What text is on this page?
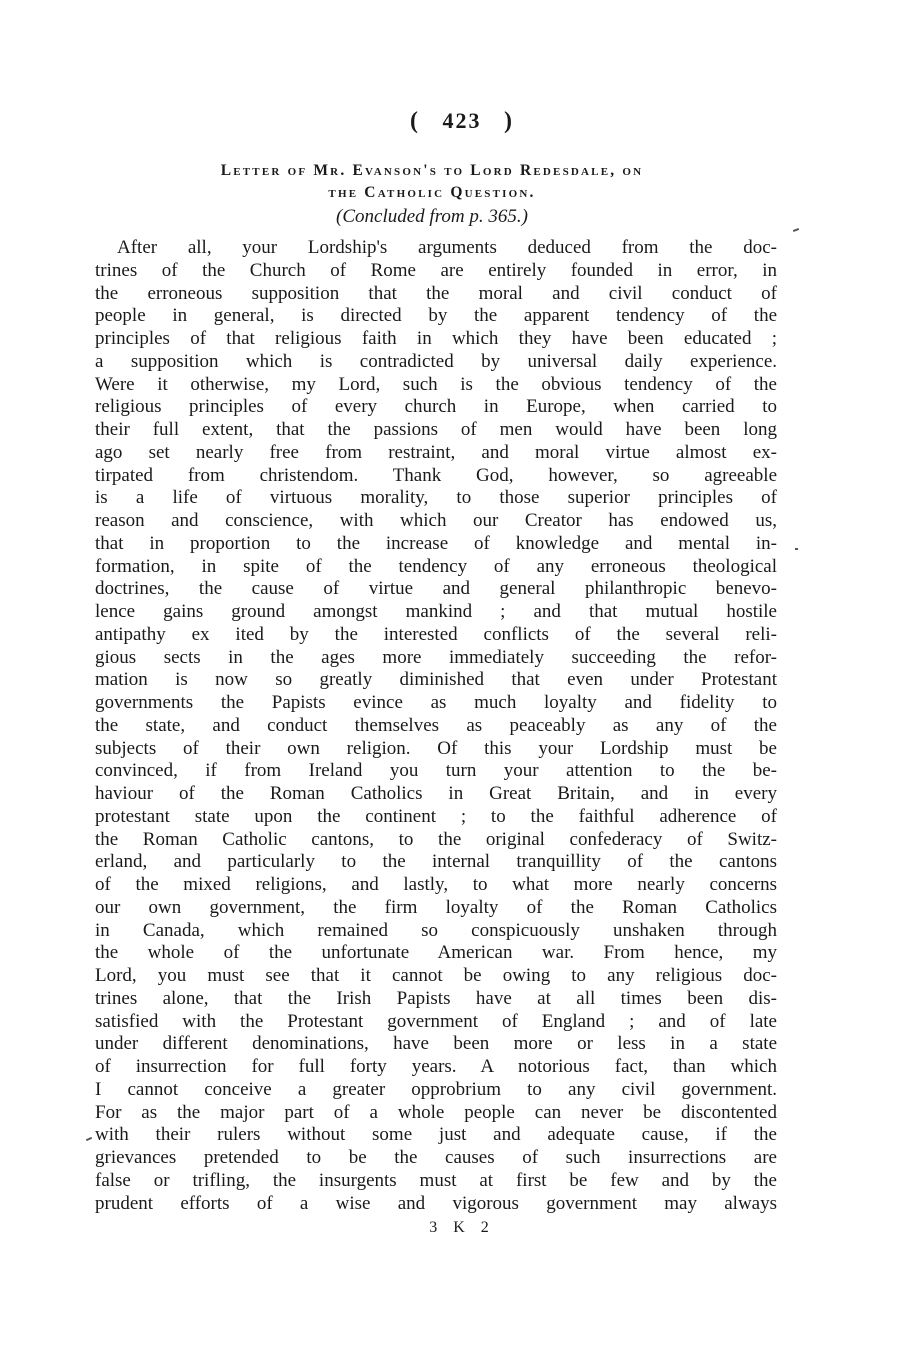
( 423 )
Letter of Mr. Evanson's to Lord Redesdale, on
the Catholic Question.
(Concluded from p. 365.)
After all, your Lordship's arguments deduced from the doc-
trines of the Church of Rome are entirely founded in error, in
the erroneous supposition that the moral and civil conduct of
people in general, is directed by the apparent tendency of the
principles of that religious faith in which they have been educated ;
a supposition which is contradicted by universal daily experience.
Were it otherwise, my Lord, such is the obvious tendency of the
religious principles of every church in Europe, when carried to
their full extent, that the passions of men would have been long
ago set nearly free from restraint, and moral virtue almost ex-
tirpated from christendom. Thank God, however, so agreeable
is a life of virtuous morality, to those superior principles of
reason and conscience, with which our Creator has endowed us,
that in proportion to the increase of knowledge and mental in-
formation, in spite of the tendency of any erroneous theological
doctrines, the cause of virtue and general philanthropic benevo-
lence gains ground amongst mankind ; and that mutual hostile
antipathy ex ited by the interested conflicts of the several reli-
gious sects in the ages more immediately succeeding the refor-
mation is now so greatly diminished that even under Protestant
governments the Papists evince as much loyalty and fidelity to
the state, and conduct themselves as peaceably as any of the
subjects of their own religion. Of this your Lordship must be
convinced, if from Ireland you turn your attention to the be-
haviour of the Roman Catholics in Great Britain, and in every
protestant state upon the continent ; to the faithful adherence of
the Roman Catholic cantons, to the original confederacy of Switz-
erland, and particularly to the internal tranquillity of the cantons
of the mixed religions, and lastly, to what more nearly concerns
our own government, the firm loyalty of the Roman Catholics
in Canada, which remained so conspicuously unshaken through
the whole of the unfortunate American war. From hence, my
Lord, you must see that it cannot be owing to any religious doc-
trines alone, that the Irish Papists have at all times been dis-
satisfied with the Protestant government of England ; and of late
under different denominations, have been more or less in a state
of insurrection for full forty years. A notorious fact, than which
I cannot conceive a greater opprobrium to any civil government.
For as the major part of a whole people can never be discontented
with their rulers without some just and adequate cause, if the
grievances pretended to be the causes of such insurrections are
false or trifling, the insurgents must at first be few and by the
prudent efforts of a wise and vigorous government may always
3 K 2
